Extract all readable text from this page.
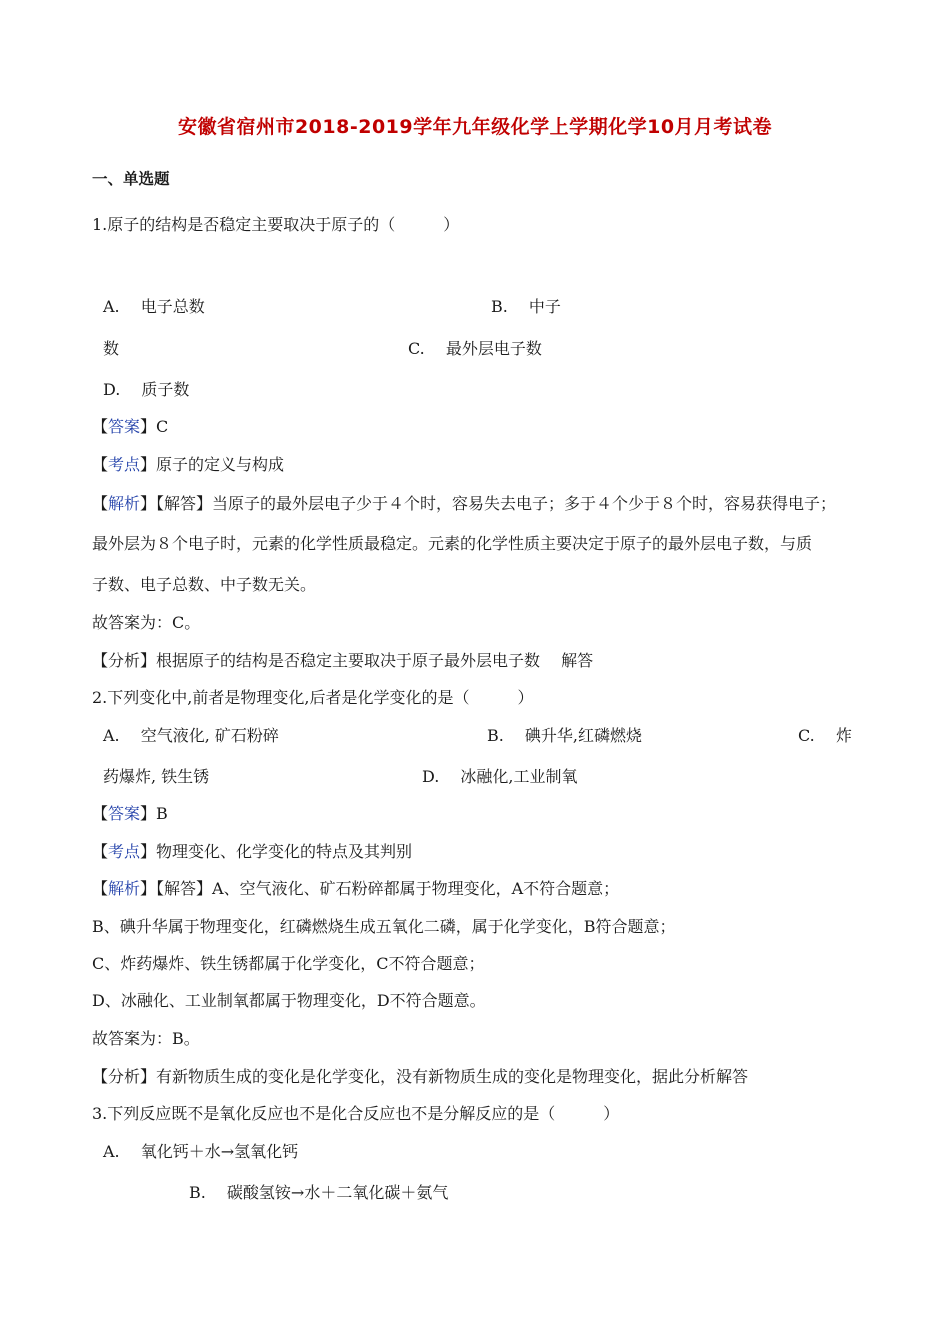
安徽省宿州市2018-2019学年九年级化学上学期化学10月月考试卷
一、单选题
1.原子的结构是否稳定主要取决于原子的（　　　）
A.　 电子总数	B.　 中子
数	C.　 最外层电子数
D.　 质子数
【答案】C
【考点】原子的定义与构成
【解析】【解答】当原子的最外层电子少于４个时，容易失去电子；多于４个少于８个时，容易获得电子；
最外层为８个电子时，元素的化学性质最稳定。元素的化学性质主要决定于原子的最外层电子数，与质
子数、电子总数、中子数无关。
故答案为：C。
【分析】根据原子的结构是否稳定主要取决于原子最外层电子数　 解答
2.下列变化中,前者是物理变化,后者是化学变化的是（　　　）
A.　 空气液化, 矿石粉碎	B.　 碘升华,红磷燃烧	C.　 炸
药爆炸, 铁生锈	D.　 冰融化,工业制氧
【答案】B
【考点】物理变化、化学变化的特点及其判别
【解析】【解答】A、空气液化、矿石粉碎都属于物理变化，A不符合题意；
B、碘升华属于物理变化，红磷燃烧生成五氧化二磷，属于化学变化，B符合题意；
C、炸药爆炸、铁生锈都属于化学变化，C不符合题意；
D、冰融化、工业制氧都属于物理变化，D不符合题意。
故答案为：B。
【分析】有新物质生成的变化是化学变化，没有新物质生成的变化是物理变化，据此分析解答
3.下列反应既不是氧化反应也不是化合反应也不是分解反应的是（　　　）
A.　 氧化钙＋水→氢氧化钙
B.　 碳酸氢铵→水＋二氧化碳＋氨气
